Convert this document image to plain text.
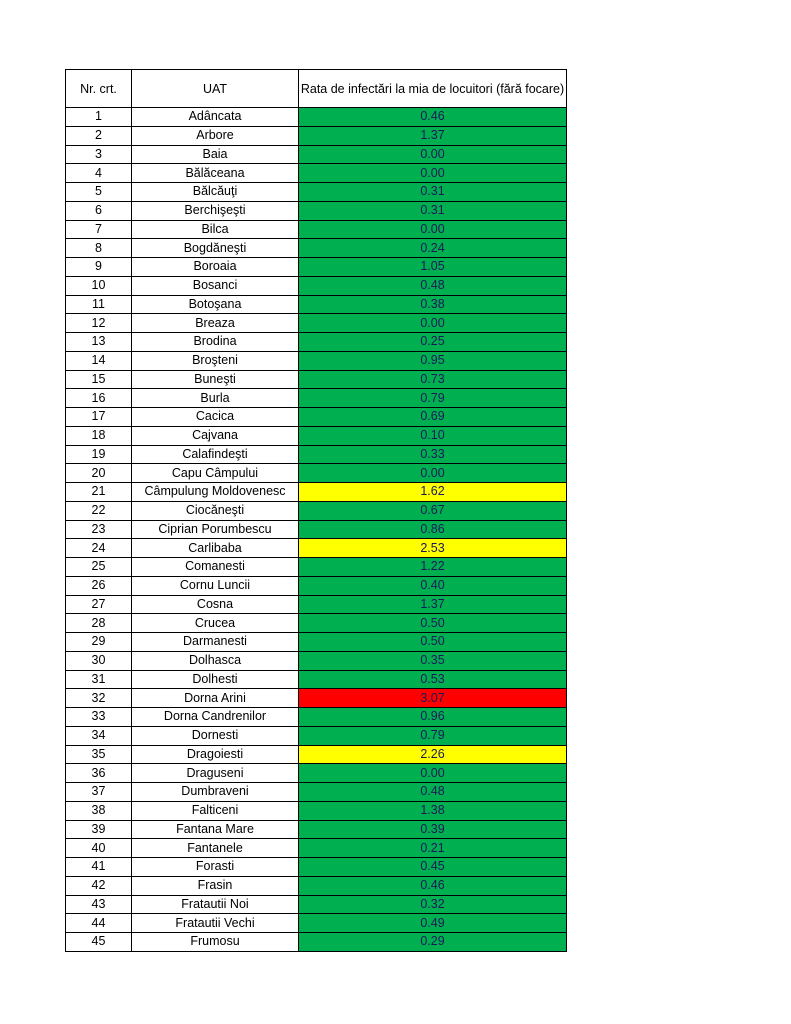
Nr. crt.	UAT	Rata de infectări la mia de locuitori (fără focare)
1	Adâncata	0.46
2	Arbore	1.37
3	Baia	0.00
4	Bălăceana	0.00
5	Bălcăuţi	0.31
6	Berchişeşti	0.31
7	Bilca	0.00
8	Bogdăneşti	0.24
9	Boroaia	1.05
10	Bosanci	0.48
11	Botoşana	0.38
12	Breaza	0.00
13	Brodina	0.25
14	Broşteni	0.95
15	Buneşti	0.73
16	Burla	0.79
17	Cacica	0.69
18	Cajvana	0.10
19	Calafindeşti	0.33
20	Capu Câmpului	0.00
21	Câmpulung Moldovenesc	1.62
22	Ciocăneşti	0.67
23	Ciprian Porumbescu	0.86
24	Carlibaba	2.53
25	Comanesti	1.22
26	Cornu Luncii	0.40
27	Cosna	1.37
28	Crucea	0.50
29	Darmanesti	0.50
30	Dolhasca	0.35
31	Dolhesti	0.53
32	Dorna Arini	3.07
33	Dorna Candrenilor	0.96
34	Dornesti	0.79
35	Dragoiesti	2.26
36	Draguseni	0.00
37	Dumbraveni	0.48
38	Falticeni	1.38
39	Fantana Mare	0.39
40	Fantanele	0.21
41	Forasti	0.45
42	Frasin	0.46
43	Fratautii Noi	0.32
44	Fratautii Vechi	0.49
45	Frumosu	0.29
